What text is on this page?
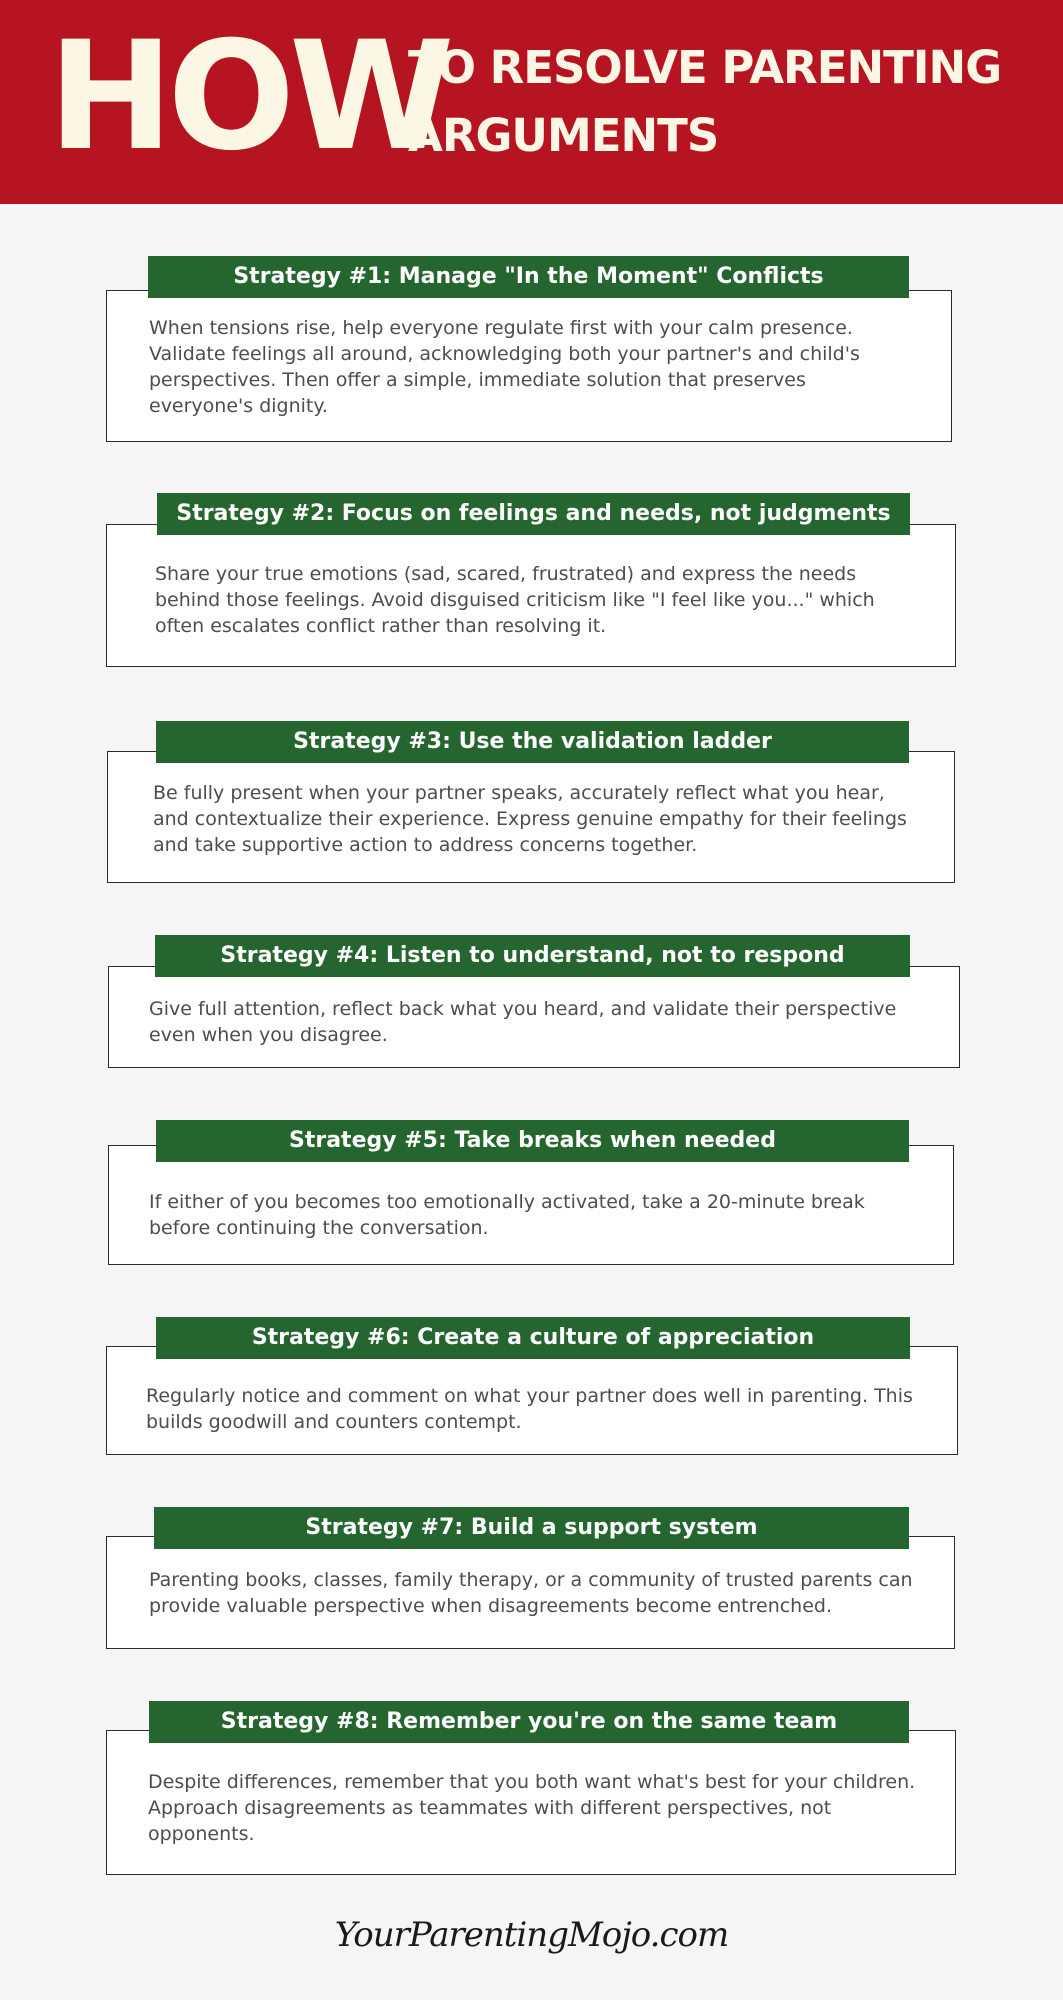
HOW
TO RESOLVE PARENTING
ARGUMENTS
When tensions rise, help everyone regulate first with your calm presence. Validate feelings all around, acknowledging both your partner's and child's perspectives. Then offer a simple, immediate solution that preserves everyone's dignity.
Strategy #1: Manage "In the Moment" Conflicts
Share your true emotions (sad, scared, frustrated) and express the needs behind those feelings. Avoid disguised criticism like "I feel like you..." which often escalates conflict rather than resolving it.
Strategy #2: Focus on feelings and needs, not judgments
Be fully present when your partner speaks, accurately reflect what you hear, and contextualize their experience. Express genuine empathy for their feelings and take supportive action to address concerns together.
Strategy #3: Use the validation ladder
Give full attention, reflect back what you heard, and validate their perspective even when you disagree.
Strategy #4: Listen to understand, not to respond
If either of you becomes too emotionally activated, take a 20-minute break before continuing the conversation.
Strategy #5: Take breaks when needed
Regularly notice and comment on what your partner does well in parenting. This builds goodwill and counters contempt.
Strategy #6: Create a culture of appreciation
Parenting books, classes, family therapy, or a community of trusted parents can provide valuable perspective when disagreements become entrenched.
Strategy #7: Build a support system
Despite differences, remember that you both want what's best for your children. Approach disagreements as teammates with different perspectives, not opponents.
Strategy #8: Remember you're on the same team
YourParentingMojo.com
